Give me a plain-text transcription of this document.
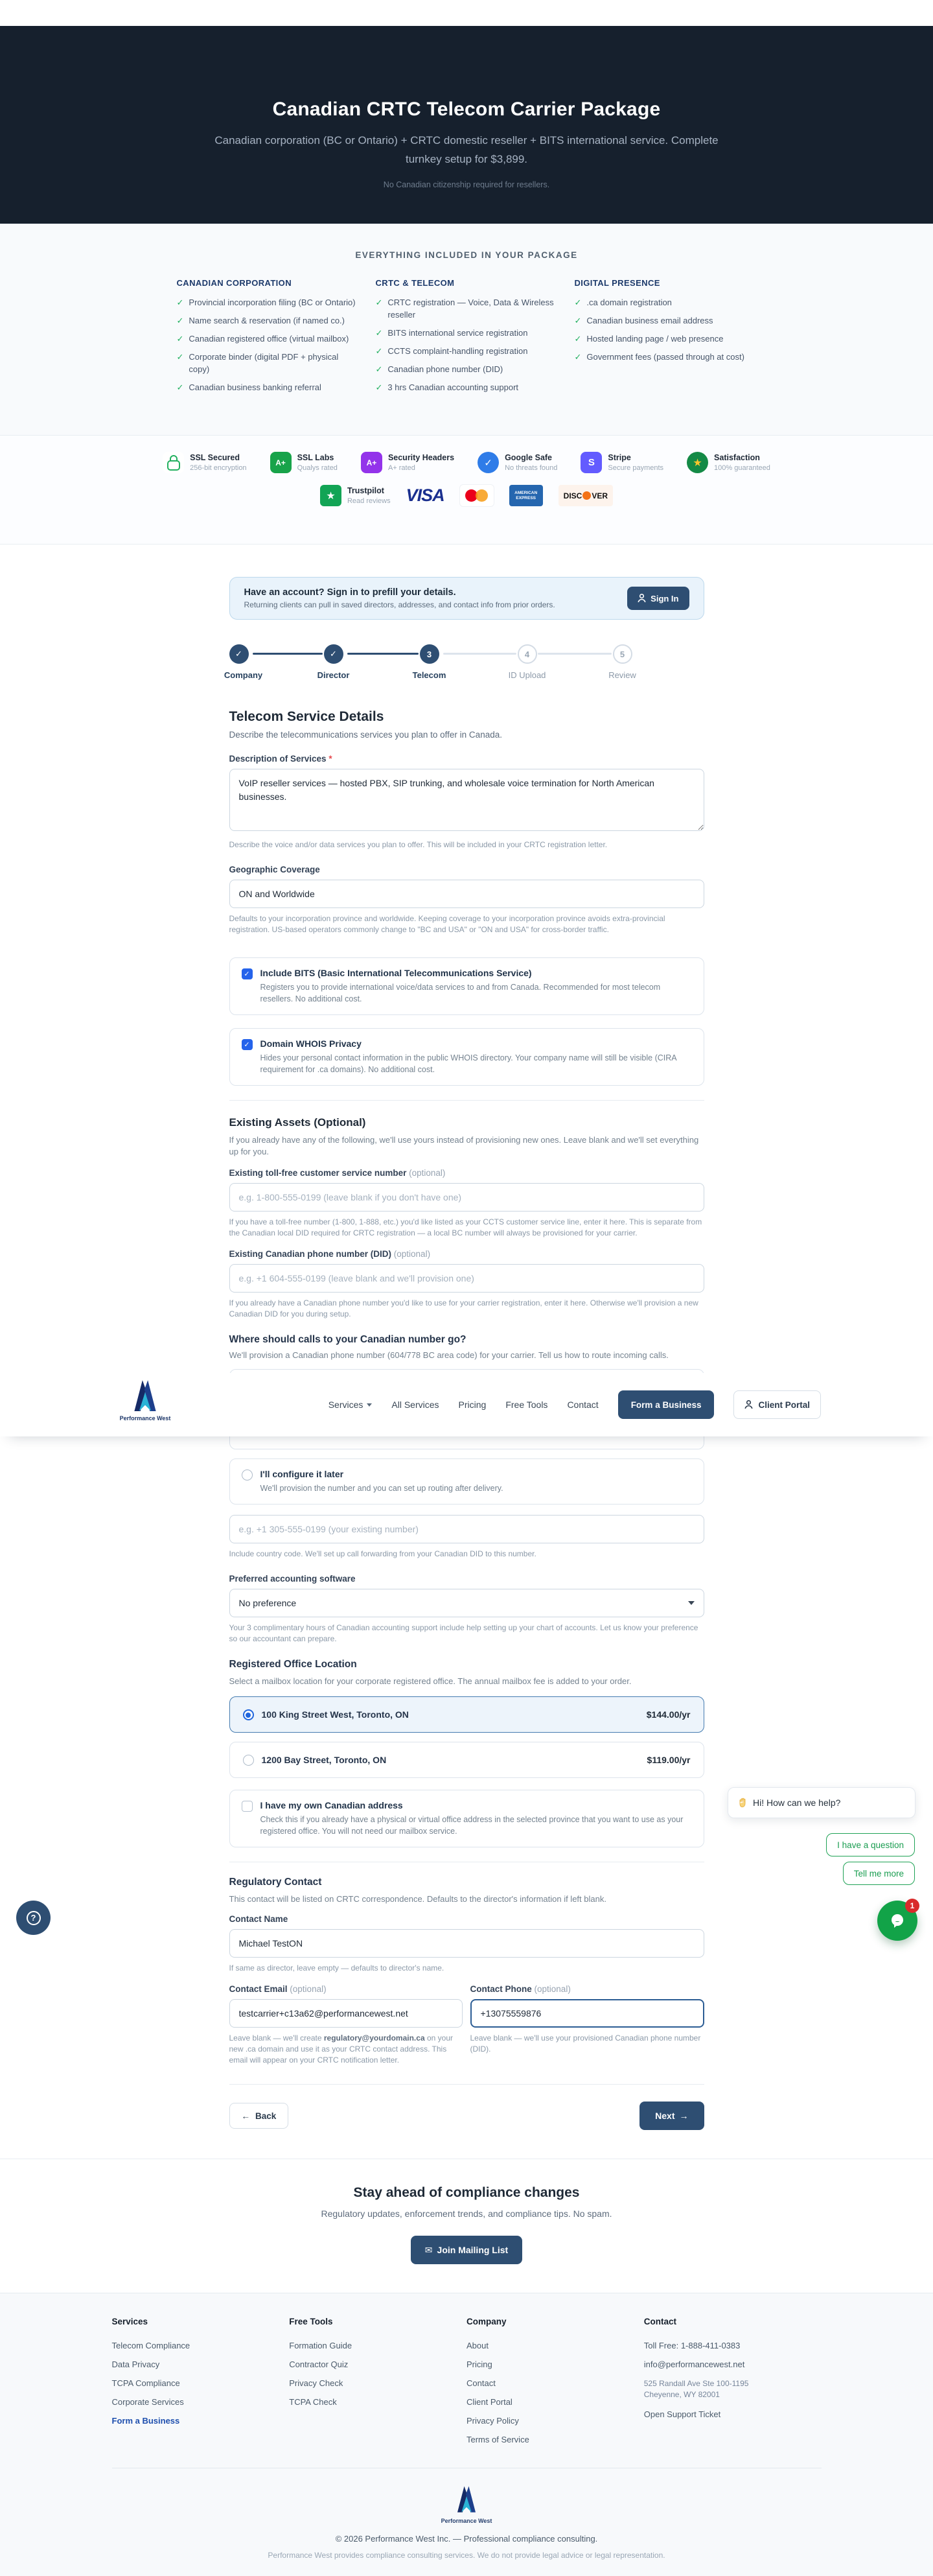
Canadian CRTC Telecom Carrier Package
Canadian corporation (BC or Ontario) + CRTC domestic reseller + BITS international service. Complete turnkey setup for $3,899.
No Canadian citizenship required for resellers.
EVERYTHING INCLUDED IN YOUR PACKAGE
CANADIAN CORPORATION
✓ Provincial incorporation filing (BC or Ontario)
✓ Name search & reservation (if named co.)
✓ Canadian registered office (virtual mailbox)
✓ Corporate binder (digital PDF + physical copy)
✓ Canadian business banking referral
CRTC & TELECOM
✓ CRTC registration — Voice, Data & Wireless reseller
✓ BITS international service registration
✓ CCTS complaint-handling registration
✓ Canadian phone number (DID)
✓ 3 hrs Canadian accounting support
DIGITAL PRESENCE
✓ .ca domain registration
✓ Canadian business email address
✓ Hosted landing page / web presence
✓ Government fees (passed through at cost)
SSL Secured
256-bit encryption
A+
SSL Labs
Qualys rated
A+
Security Headers
A+ rated	✓	Google Safe
No threats found	S	Stripe
Secure payments	★	Satisfaction
100% guaranteed
★	Trustpilot
Read reviews VISA	AMERICAN EXPRESS	DISC VER
Have an account? Sign in to prefill your details.
Returning clients can pull in saved directors, addresses, and contact info from prior orders.
Sign In
✓	✓	3	4	5
Company	Director	Telecom	ID Upload	Review
Telecom Service Details
Describe the telecommunications services you plan to offer in Canada.
Description of Services *
VoIP reseller services — hosted PBX, SIP trunking, and wholesale voice termination for North American businesses.
Describe the voice and/or data services you plan to offer. This will be included in your CRTC registration letter.
Geographic Coverage
ON and Worldwide
Defaults to your incorporation province and worldwide. Keeping coverage to your incorporation province avoids extra-provincial registration. US-based operators commonly change to "BC and USA" or "ON and USA" for cross-border traffic.
✓ Include BITS (Basic International Telecommunications Service)
Registers you to provide international voice/data services to and from Canada. Recommended for most telecom resellers. No additional cost.
✓ Domain WHOIS Privacy
Hides your personal contact information in the public WHOIS directory. Your company name will still be visible (CIRA requirement for .ca domains). No additional cost.
Existing Assets (Optional)
If you already have any of the following, we'll use yours instead of provisioning new ones. Leave blank and we'll set everything up for you.
Existing toll-free customer service number (optional)
e.g. 1-800-555-0199 (leave blank if you don't have one)
If you have a toll-free number (1-800, 1-888, etc.) you'd like listed as your CCTS customer service line, enter it here. This is separate from the Canadian local DID required for CRTC registration — a local BC number will always be provisioned for your carrier.
Existing Canadian phone number (DID) (optional)
e.g. +1 604-555-0199 (leave blank and we'll provision one)
If you already have a Canadian phone number you'd like to use for your carrier registration, enter it here. Otherwise we'll provision a new Canadian DID for you during setup.
Where should calls to your Canadian number go?
We'll provision a Canadian phone number (604/778 BC area code) for your carrier. Tell us how to route incoming calls.
I'll configure it later
We'll provision the number and you can set up routing after delivery.
e.g. +1 305-555-0199 (your existing number)
Include country code. We'll set up call forwarding from your Canadian DID to this number.
Preferred accounting software
No preference
Your 3 complimentary hours of Canadian accounting support include help setting up your chart of accounts. Let us know your preference so our accountant can prepare.
Registered Office Location
Select a mailbox location for your corporate registered office. The annual mailbox fee is added to your order.
100 King Street West, Toronto, ON	$144.00/yr
1200 Bay Street, Toronto, ON	$119.00/yr
I have my own Canadian address
Check this if you already have a physical or virtual office address in the selected province that you want to use as your registered office. You will not need our mailbox service.
Regulatory Contact
This contact will be listed on CRTC correspondence. Defaults to the director's information if left blank.
Contact Name
Michael TestON
If same as director, leave empty — defaults to director's name.
Contact Email (optional)
testcarrier+c13a62@performancewest.net
Leave blank — we'll create regulatory@yourdomain.ca on your new .ca domain and use it as your CRTC contact address. This email will appear on your CRTC notification letter.
Contact Phone (optional)
+13075559876
Leave blank — we'll use your provisioned Canadian phone number (DID).
← Back	Next →
Stay ahead of compliance changes
Regulatory updates, enforcement trends, and compliance tips. No spam.
✉ Join Mailing List
Services
Telecom Compliance
Data Privacy
TCPA Compliance
Corporate Services
Form a Business
Free Tools
Formation Guide
Contractor Quiz
Privacy Check
TCPA Check
Company
About
Pricing
Contact
Client Portal
Privacy Policy
Terms of Service
Contact
Toll Free: 1-888-411-0383
info@performancewest.net
525 Randall Ave Ste 100-1195
Cheyenne, WY 82001
Open Support Ticket
Performance West
© 2026 Performance West Inc. — Professional compliance consulting.
Performance West provides compliance consulting services. We do not provide legal advice or legal representation.
Performance West
Services	All Services Pricing Free Tools Contact	Form a Business	Client Portal
Hi! How can we help?
I have a question
Tell me more
1
?
